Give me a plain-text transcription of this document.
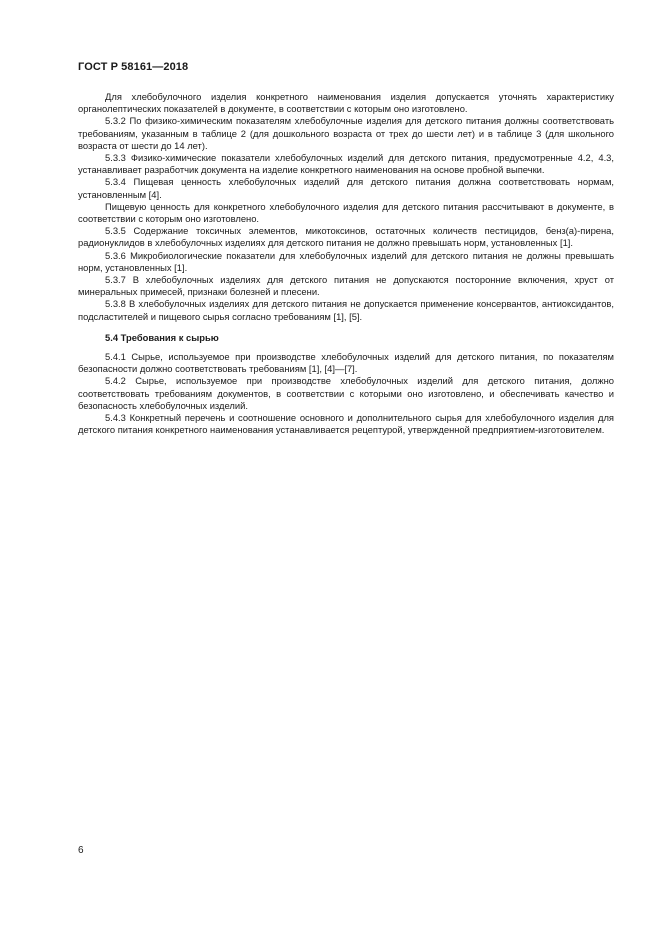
ГОСТ Р 58161—2018

Для хлебобулочного изделия конкретного наименования изделия допускается уточнять характеристику органолептических показателей в документе, в соответствии с которым оно изготовлено.

5.3.2 По физико-химическим показателям хлебобулочные изделия для детского питания должны соответствовать требованиям, указанным в таблице 2 (для дошкольного возраста от трех до шести лет) и в таблице 3 (для школьного возраста от шести до 14 лет).

5.3.3 Физико-химические показатели хлебобулочных изделий для детского питания, предусмотренные 4.2, 4.3, устанавливает разработчик документа на изделие конкретного наименования на основе пробной выпечки.

5.3.4 Пищевая ценность хлебобулочных изделий для детского питания должна соответствовать нормам, установленным [4].

Пищевую ценность для конкретного хлебобулочного изделия для детского питания рассчитывают в документе, в соответствии с которым оно изготовлено.

5.3.5 Содержание токсичных элементов, микотоксинов, остаточных количеств пестицидов, бенз(а)-пирена, радионуклидов в хлебобулочных изделиях для детского питания не должно превышать норм, установленных [1].

5.3.6 Микробиологические показатели для хлебобулочных изделий для детского питания не должны превышать норм, установленных [1].

5.3.7 В хлебобулочных изделиях для детского питания не допускаются посторонние включения, хруст от минеральных примесей, признаки болезней и плесени.

5.3.8 В хлебобулочных изделиях для детского питания не допускается применение консервантов, антиоксидантов, подсластителей и пищевого сырья согласно требованиям [1], [5].

5.4 Требования к сырью

5.4.1 Сырье, используемое при производстве хлебобулочных изделий для детского питания, по показателям безопасности должно соответствовать требованиям [1], [4]—[7].

5.4.2 Сырье, используемое при производстве хлебобулочных изделий для детского питания, должно соответствовать требованиям документов, в соответствии с которыми оно изготовлено, и обеспечивать качество и безопасность хлебобулочных изделий.

5.4.3 Конкретный перечень и соотношение основного и дополнительного сырья для хлебобулочного изделия для детского питания конкретного наименования устанавливается рецептурой, утвержденной предприятием-изготовителем.

6
